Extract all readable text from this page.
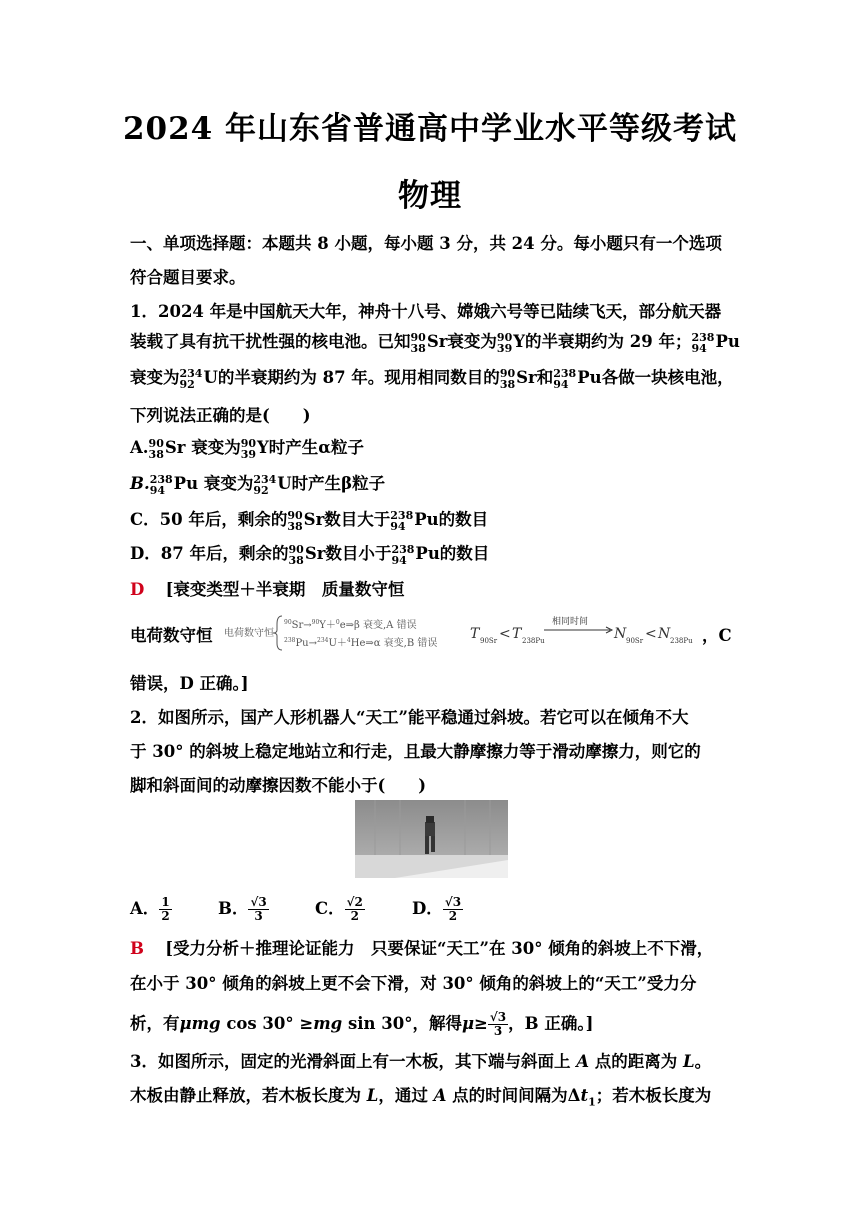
2024 年山东省普通高中学业水平等级考试
物理
一、单项选择题：本题共 8 小题，每小题 3 分，共 24 分。每小题只有一个选项
符合题目要求。
1．2024 年是中国航天大年，神舟十八号、嫦娥六号等已陆续飞天，部分航天器
装载了具有抗干扰性强的核电池。已知 90
38 Sr衰变为 90
39 Y的半衰期约为 29 年； 238
94 Pu
衰变为 234
92 U的半衰期约为 87 年。现用相同数目的 90
38 Sr和 238
94 Pu各做一块核电池，
下列说法正确的是(　　)
A. 90
38 Sr 衰变为 90
39 Y时产生α粒子
B. 238
94 Pu 衰变为 234
92 U时产生β粒子
C．50 年后，剩余的 90
38 Sr数目大于 238
94 Pu的数目
D．87 年后，剩余的 90
38 Sr数目小于 238
94 Pu的数目
D [衰变类型＋半衰期　质量数守恒
电荷数守恒 电荷数守恒
$^{90}$Sr→$^{90}$Y＋$^0$e⇒β 衰变,A 错误
$^{238}$Pu→$^{234}$U＋$^4$He⇒α 衰变,B 错误
T 90Sr < T 238Pu
相同时间
N 90Sr < N 238Pu ，C
错误，D 正确。]
2．如图所示，国产人形机器人“天工”能平稳通过斜坡。若它可以在倾角不大
于 30° 的斜坡上稳定地站立和行走，且最大静摩擦力等于滑动摩擦力，则它的
脚和斜面间的动摩擦因数不能小于(　　)
A． $\frac{1}{2}$	B． $\frac{√3}{3}$	C． $\frac{√2}{2}$	D． $\frac{√3}{2}$
B [受力分析＋推理论证能力　只要保证“天工”在 30° 倾角的斜坡上不下滑，
在小于 30° 倾角的斜坡上更不会下滑，对 30° 倾角的斜坡上的“天工”受力分
析，有μmg cos 30° ≥mg sin 30°，解得$\mu\ge \frac{√3}{3}$ ，B 正确。]
3．如图所示，固定的光滑斜面上有一木板，其下端与斜面上 A 点的距离为 L。
木板由静止释放，若木板长度为 L，通过 A 点的时间间隔为$\Delta t_1$；若木板长度为
